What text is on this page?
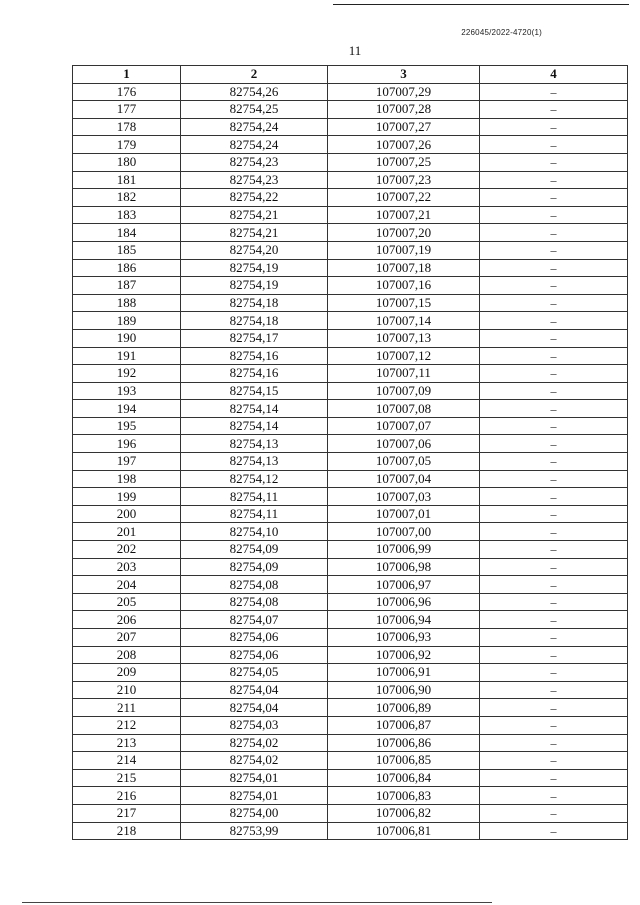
226045/2022-4720(1)
11
1	2	3	4
176	82754,26	107007,29	–
177	82754,25	107007,28	–
178	82754,24	107007,27	–
179	82754,24	107007,26	–
180	82754,23	107007,25	–
181	82754,23	107007,23	–
182	82754,22	107007,22	–
183	82754,21	107007,21	–
184	82754,21	107007,20	–
185	82754,20	107007,19	–
186	82754,19	107007,18	–
187	82754,19	107007,16	–
188	82754,18	107007,15	–
189	82754,18	107007,14	–
190	82754,17	107007,13	–
191	82754,16	107007,12	–
192	82754,16	107007,11	–
193	82754,15	107007,09	–
194	82754,14	107007,08	–
195	82754,14	107007,07	–
196	82754,13	107007,06	–
197	82754,13	107007,05	–
198	82754,12	107007,04	–
199	82754,11	107007,03	–
200	82754,11	107007,01	–
201	82754,10	107007,00	–
202	82754,09	107006,99	–
203	82754,09	107006,98	–
204	82754,08	107006,97	–
205	82754,08	107006,96	–
206	82754,07	107006,94	–
207	82754,06	107006,93	–
208	82754,06	107006,92	–
209	82754,05	107006,91	–
210	82754,04	107006,90	–
211	82754,04	107006,89	–
212	82754,03	107006,87	–
213	82754,02	107006,86	–
214	82754,02	107006,85	–
215	82754,01	107006,84	–
216	82754,01	107006,83	–
217	82754,00	107006,82	–
218	82753,99	107006,81	–
